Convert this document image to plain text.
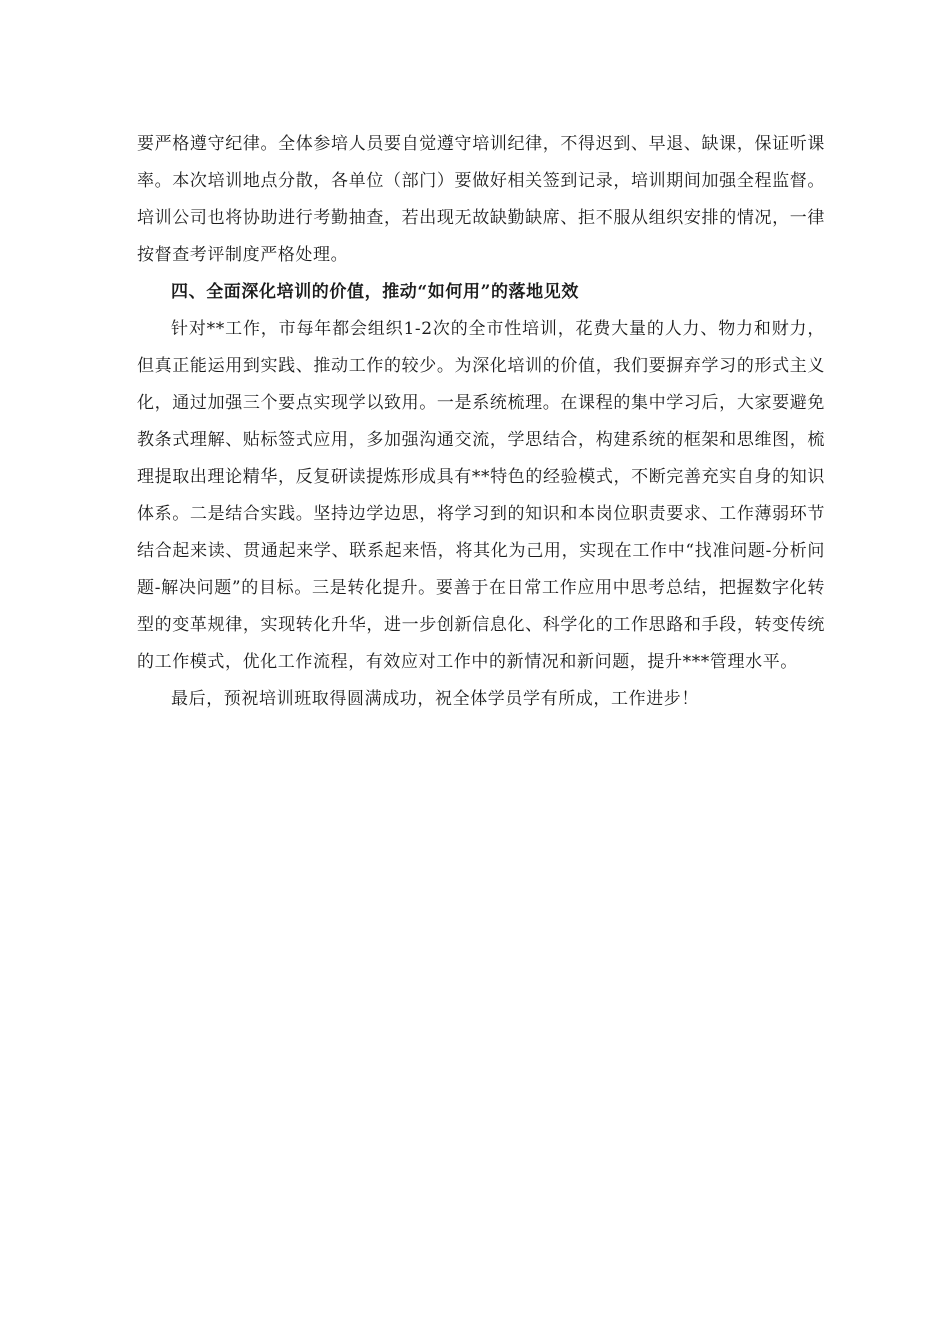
要严格遵守纪律。全体参培人员要自觉遵守培训纪律，不得迟到、早退、缺课，保证听课率。本次培训地点分散，各单位（部门）要做好相关签到记录，培训期间加强全程监督。培训公司也将协助进行考勤抽查，若出现无故缺勤缺席、拒不服从组织安排的情况，一律按督查考评制度严格处理。

四、全面深化培训的价值，推动“如何用”的落地见效

针对**工作，市每年都会组织1-2次的全市性培训，花费大量的人力、物力和财力，但真正能运用到实践、推动工作的较少。为深化培训的价值，我们要摒弃学习的形式主义化，通过加强三个要点实现学以致用。一是系统梳理。在课程的集中学习后，大家要避免教条式理解、贴标签式应用，多加强沟通交流，学思结合，构建系统的框架和思维图，梳理提取出理论精华，反复研读提炼形成具有**特色的经验模式，不断完善充实自身的知识体系。二是结合实践。坚持边学边思，将学习到的知识和本岗位职责要求、工作薄弱环节结合起来读、贯通起来学、联系起来悟，将其化为己用，实现在工作中“找准问题-分析问题-解决问题”的目标。三是转化提升。要善于在日常工作应用中思考总结，把握数字化转型的变革规律，实现转化升华，进一步创新信息化、科学化的工作思路和手段，转变传统的工作模式，优化工作流程，有效应对工作中的新情况和新问题，提升***管理水平。

最后，预祝培训班取得圆满成功，祝全体学员学有所成，工作进步！
